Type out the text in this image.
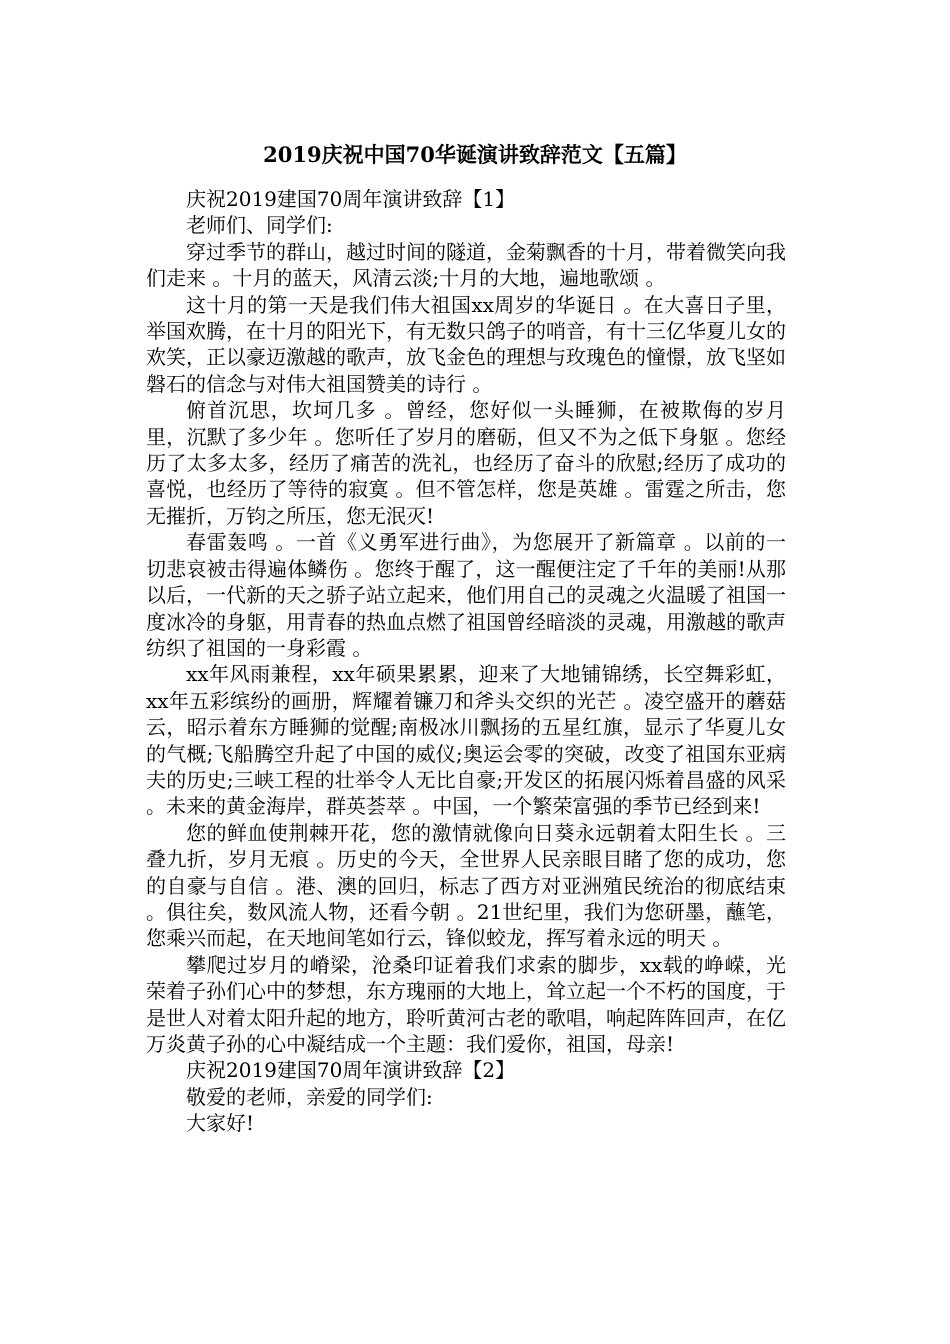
2019庆祝中国70华诞演讲致辞范文【五篇】

庆祝2019建国70周年演讲致辞【1】

老师们、同学们:

穿过季节的群山，越过时间的隧道，金菊飘香的十月，带着微笑向我们走来 。十月的蓝天，风清云淡;十月的大地，遍地歌颂 。

这十月的第一天是我们伟大祖国xx周岁的华诞日 。在大喜日子里，举国欢腾，在十月的阳光下，有无数只鸽子的哨音，有十三亿华夏儿女的欢笑，正以豪迈激越的歌声，放飞金色的理想与玫瑰色的憧憬，放飞坚如磐石的信念与对伟大祖国赞美的诗行 。

俯首沉思，坎坷几多 。曾经，您好似一头睡狮，在被欺侮的岁月里，沉默了多少年 。您听任了岁月的磨砺，但又不为之低下身躯 。您经历了太多太多，经历了痛苦的洗礼，也经历了奋斗的欣慰;经历了成功的喜悦，也经历了等待的寂寞 。但不管怎样，您是英雄 。雷霆之所击，您无摧折，万钧之所压，您无泯灭!

春雷轰鸣 。一首《义勇军进行曲》，为您展开了新篇章 。以前的一切悲哀被击得遍体鳞伤 。您终于醒了，这一醒便注定了千年的美丽!从那以后，一代新的天之骄子站立起来，他们用自己的灵魂之火温暖了祖国一度冰冷的身躯，用青春的热血点燃了祖国曾经暗淡的灵魂，用激越的歌声纺织了祖国的一身彩霞 。

xx年风雨兼程，xx年硕果累累，迎来了大地铺锦绣，长空舞彩虹，xx年五彩缤纷的画册，辉耀着镰刀和斧头交织的光芒 。凌空盛开的蘑菇云，昭示着东方睡狮的觉醒;南极冰川飘扬的五星红旗，显示了华夏儿女的气概;飞船腾空升起了中国的威仪;奥运会零的突破，改变了祖国东亚病夫的历史;三峡工程的壮举令人无比自豪;开发区的拓展闪烁着昌盛的风采 。未来的黄金海岸，群英荟萃 。中国，一个繁荣富强的季节已经到来!

您的鲜血使荆棘开花，您的激情就像向日葵永远朝着太阳生长 。三叠九折，岁月无痕 。历史的今天，全世界人民亲眼目睹了您的成功，您的自豪与自信 。港、澳的回归，标志了西方对亚洲殖民统治的彻底结束 。俱往矣，数风流人物，还看今朝 。21世纪里，我们为您研墨，蘸笔，您乘兴而起，在天地间笔如行云，锋似蛟龙，挥写着永远的明天 。

攀爬过岁月的嵴梁，沧桑印证着我们求索的脚步，xx载的峥嵘，光荣着子孙们心中的梦想，东方瑰丽的大地上，耸立起一个不朽的国度，于是世人对着太阳升起的地方，聆听黄河古老的歌唱，响起阵阵回声，在亿万炎黄子孙的心中凝结成一个主题：我们爱你，祖国，母亲!

庆祝2019建国70周年演讲致辞【2】

敬爱的老师，亲爱的同学们:

大家好!
